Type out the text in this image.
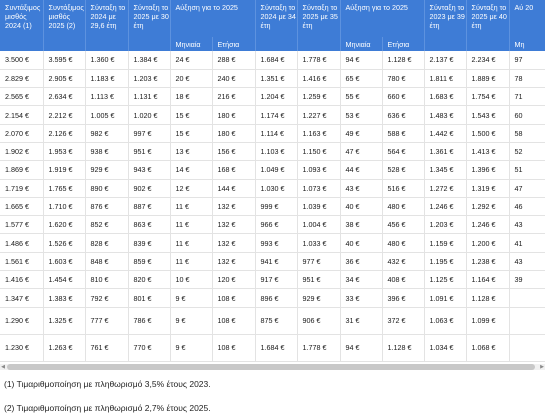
Συντάξιμος μισθός 2024 (1)	Συντάξιμος μισθός 2025 (2)	Σύνταξη το 2024 με 29,6 έτη	Σύνταξη το 2025 με 30 έτη	Αύξηση για το 2025		Σύνταξη το 2024 με 34 έτη	Σύνταξη το 2025 με 35 έτη	Αύξηση για το 2025		Σύνταξη το 2023 με 39 έτη	Σύνταξη το 2025 με 40 έτη	Αύ 20
				Μηνιαία	Ετήσια			Μηνιαία	Ετήσια			Μη
3.500 €	3.595 €	1.360 €	1.384 €	24 €	288 €	1.684 €	1.778 €	94 €	1.128 €	2.137 €	2.234 €	97
2.829 €	2.905 €	1.183 €	1.203 €	20 €	240 €	1.351 €	1.416 €	65 €	780 €	1.811 €	1.889 €	78
2.565 €	2.634 €	1.113 €	1.131 €	18 €	216 €	1.204 €	1.259 €	55 €	660 €	1.683 €	1.754 €	71
2.154 €	2.212 €	1.005 €	1.020 €	15 €	180 €	1.174 €	1.227 €	53 €	636 €	1.483 €	1.543 €	60
2.070 €	2.126 €	982 €	997 €	15 €	180 €	1.114 €	1.163 €	49 €	588 €	1.442 €	1.500 €	58
1.902 €	1.953 €	938 €	951 €	13 €	156 €	1.103 €	1.150 €	47 €	564 €	1.361 €	1.413 €	52
1.869 €	1.919 €	929 €	943 €	14 €	168 €	1.049 €	1.093 €	44 €	528 €	1.345 €	1.396 €	51
1.719 €	1.765 €	890 €	902 €	12 €	144 €	1.030 €	1.073 €	43 €	516 €	1.272 €	1.319 €	47
1.665 €	1.710 €	876 €	887 €	11 €	132 €	999 €	1.039 €	40 €	480 €	1.246 €	1.292 €	46
1.577 €	1.620 €	852 €	863 €	11 €	132 €	966 €	1.004 €	38 €	456 €	1.203 €	1.246 €	43
1.486 €	1.526 €	828 €	839 €	11 €	132 €	993 €	1.033 €	40 €	480 €	1.159 €	1.200 €	41
1.561 €	1.603 €	848 €	859 €	11 €	132 €	941 €	977 €	36 €	432 €	1.195 €	1.238 €	43
1.416 €	1.454 €	810 €	820 €	10 €	120 €	917 €	951 €	34 €	408 €	1.125 €	1.164 €	39
1.347 €	1.383 €	792 €	801 €	9 €	108 €	896 €	929 €	33 €	396 €	1.091 €	1.128 €	
1.290 €	1.325 €	777 €	786 €	9 €	108 €	875 €	906 €	31 €	372 €	1.063 €	1.099 €	
1.230 €	1.263 €	761 €	770 €	9 €	108 €	1.684 €	1.778 €	94 €	1.128 €	1.034 €	1.068 €	
◀	▶
(1) Τιμαριθμοποίηση με πληθωρισμό 3,5% έτους 2023.
(2) Τιμαριθμοποίηση με πληθωρισμό 2,7% έτους 2025.
